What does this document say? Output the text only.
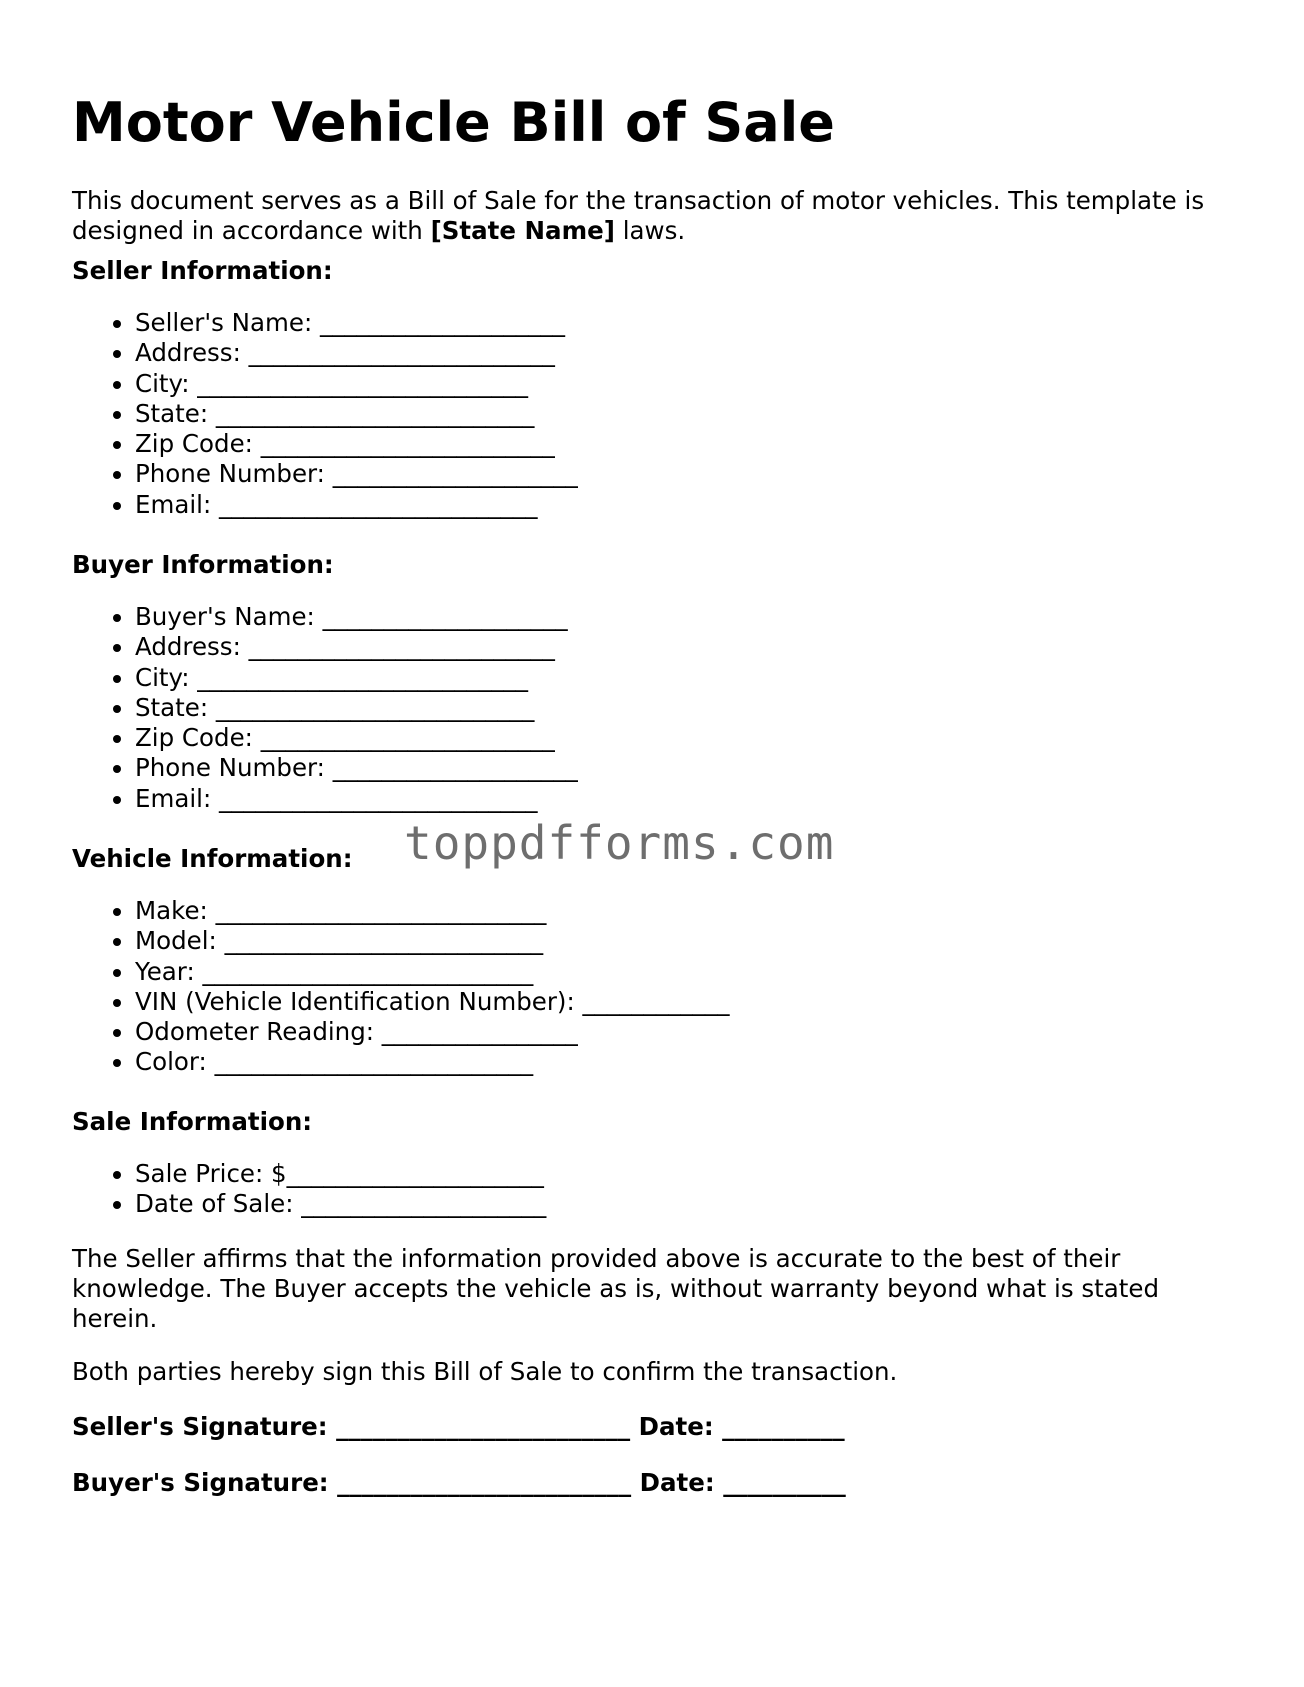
Motor Vehicle Bill of Sale

This document serves as a Bill of Sale for the transaction of motor vehicles. This template is designed in accordance with [State Name] laws.

Seller Information:
• Seller's Name: ____________________
• Address: _________________________
• City: ___________________________
• State: __________________________
• Zip Code: ________________________
• Phone Number: ____________________
• Email: __________________________
Buyer Information:
• Buyer's Name: ____________________
• Address: _________________________
• City: ___________________________
• State: __________________________
• Zip Code: ________________________
• Phone Number: ____________________
• Email: __________________________
Vehicle Information:
• Make: ___________________________
• Model: __________________________
• Year: ___________________________
• VIN (Vehicle Identification Number): ____________
• Odometer Reading: ________________
• Color: __________________________
Sale Information:
• Sale Price: $_____________________
• Date of Sale: ____________________

The Seller affirms that the information provided above is accurate to the best of their knowledge. The Buyer accepts the vehicle as is, without warranty beyond what is stated herein.

Both parties hereby sign this Bill of Sale to confirm the transaction.

Seller's Signature: ________________________ Date: __________

Buyer's Signature: ________________________ Date: __________

toppdfforms.com
